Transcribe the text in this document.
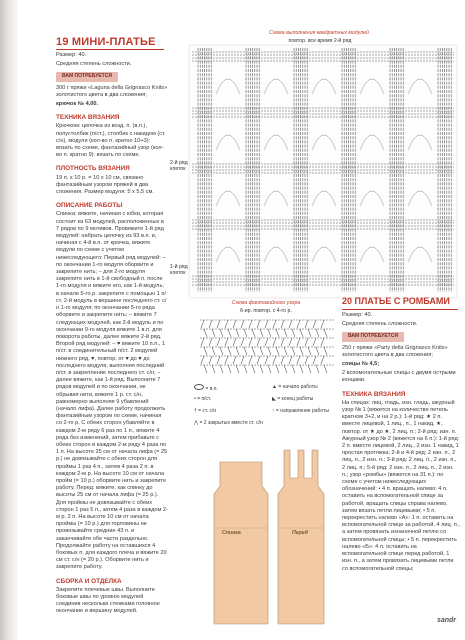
19 МИНИ-ПЛАТЬЕ

Размер: 40.

Средняя степень сложности.

ВАМ ПОТРЕБУЕТСЯ

300 г пряжи «Laguna della Grignasco Knits» золотистого цвета в два сложения;

крючок № 4,00.

ТЕХНИКА ВЯЗАНИЯ

Крючком: цепочка из возд. п. (в.п.), полустолбик (п/ст.), столбик с накидом (ст. с/н), модули (кол-во п. кратно 10+3): вязать по схеме, фантазийный узор (кол-во п. кратно 9): вязать по схеме.

ПЛОТНОСТЬ ВЯЗАНИЯ

19 п. х 10 р. = 10 х 10 см, связано фантазийным узором пряжей в два сложения. Размер модуля: 5 х 5,5 см.

ОПИСАНИЕ РАБОТЫ

Спинка: вяжите, начиная с юбки, которая состоит из 63 модулей, расположенных в 7 рядов по 9 мотивов. Провяжите 1-й ряд модулей: набрать цепочку из 93 в.п. и, начиная с 4-й в.п. от крючка, вяжите модули по схеме с учетом нижеследующего: Первый ряд модулей: – по окончании 1-го модуля оборвите и закрепите нить; – для 2-го модуля закрепите нить в 1-й свободный п. после 1-го модуля и вяжите его, как 1-й модуль; в начале 5-го р. закрепите с помощью 1 п/ст. 2-й модуль в вершине последнего ст. с/н 1-го модуля; по окончании 5-го ряда оборвите и закрепите нить; – вяжите 7 следующих модулей, как 2-й модуль и по окончании 9-го модуля вяжите 1 в.п. для поворота работы, далее вяжите 2-й ряд. Второй ряд модулей: – ♥ вяжите 10 п.п., 1 п/ст. в соединительный п/ст. 2 модулей нижнего ряд, ♥, повтор. от ♥ до ♥ до последнего модуля, выполняя последний п/ст. в закрепление последнего ст. с/н; – далее вяжите, как 1-й ряд. Выполните 7 рядов модулей и по окончании, не обрывая нити, вяжите 1 р. ст. с/н, равномерно выполняя 9 убавлений (начало лифа). Далее работу продолжить фантазийным узором по схеме, начиная со 2-го р. С обеих сторон убавляйте в каждом 2-м ряду 6 раз по 1 п., вяжите 4 ряда без изменений, затем прибавьте с обеих сторон в каждом 2-м ряду 4 раза по 1 п. На высоте 25 см от начала лифа (= 25 р.) не довязывайте с обеих сторон для проймы 1 раз 4 п., затем 4 раза 2 п. в каждом 2-м р. На высоте 10 см от начала пройм (= 10 р.) оборвите нить и закрепите работу. Перед: вяжите, как спинку до высоты 25 см от начала лифа (= 25 р.). Для проймы не довязывайте с обеих сторон 1 раз 5 п., затем 4 раза в каждом 2-м р. 2 п. На высоте 10 см от начала проймы (= 10 р.) для горловины не провязывайте средние 43 п. и заканчивайте обе части раздельно. Продолжайте работу на оставшихся 4 боковых п. для каждого плеча и вяжите 20 см ст. с/н (= 20 р.). Оборвите нить и закрепите работу.

СБОРКА И ОТДЕЛКА

Закрепите плечевые швы. Выполните боковые швы по уровню модулей соединив нескольки стежками головное окончание и вершину модулей.

Схема выполнения квадратных модулей
повтор. все время 2-й ряд
2-й ряд клеток
1-й ряд клеток
Схема фантазийного узора
6-ир. повтор. с 4-го р.
= в.п.
• = п/ст.
† = ст. с/н
⋀ = 2 закрытых вместе ст. с/н
▲ = начало работы
◣ = конец работы
↑ = направление работы
Спинка	Перед
20 ПЛАТЬЕ С РОМБАМИ

Размер: 40.

Средняя степень сложности.

ВАМ ПОТРЕБУЕТСЯ

250 г пряжи «Party della Grignasco Knits» золотистого цвета в два сложения;

спицы № 4,5;

2 вспомогательные спицы с двумя острыми концами.

ТЕХНИКА ВЯЗАНИЯ

На спицах: лиц. гладь, изн. гладь, ажурный узор № 1 (вяжется на количестве петель кратном 3+2, и на 2 р.): 1-й ряд: ★ 2 п. вместе лицевой, 1 лиц., п., 1 накид, ★, повтор. от ★ до ★, 2 лиц. п.; 2-й ряд: изн. п. Ажурный узор № 2 (вяжется на 6 п.): 1-й ряд: 2 п. вместе лицевой, 2 лиц., 2 изн. 1 накид, 1 простая протяжка; 2-й и 4-й ряд: 2 изн. п., 2 лиц. п., 2 изн. п.; 3-й ряд: 2 лиц. п., 2 изн. п., 2 лиц. п.; 5-й ряд: 2 изн. п., 2 лиц. п., 2 изн. п.; узор «ромбы» (вяжется на 31 п.): по схеме с учетом нижеследующих обозначений: • 4 п. вращать налево: 4 п. оставить на вспомогательной спице за работой, вращать спицы справа налево, затем вязать петли лицевыми; • 5 п. перекрестить налево «А»: 1 п. оставить на вспомогательной спице за работой, 4 лиц. п., а затем провязать изнаночной петлю со вспомогательной спицы; • 5 п. перекрестить налево «Б»: 4 п. оставить на вспомогательной спице перед работой, 1 изн. п., а затем провязать лицевыми петли со вспомогательной спицы;

sandr
